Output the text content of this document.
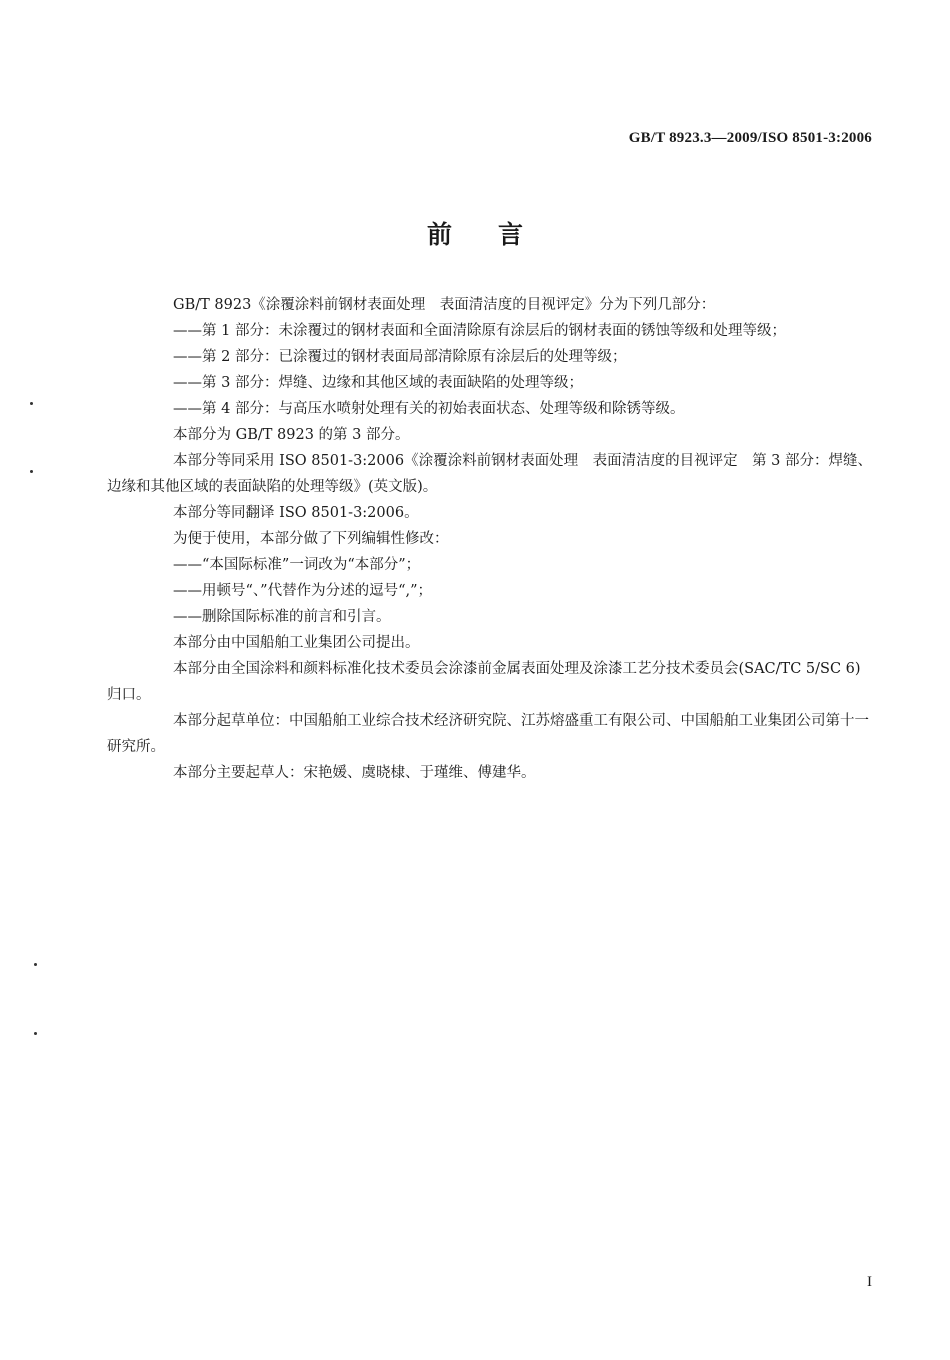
GB/T 8923.3—2009/ISO 8501-3:2006
前 言

GB/T 8923《涂覆涂料前钢材表面处理　表面清洁度的目视评定》分为下列几部分：

——第 1 部分：未涂覆过的钢材表面和全面清除原有涂层后的钢材表面的锈蚀等级和处理等级；

——第 2 部分：已涂覆过的钢材表面局部清除原有涂层后的处理等级；

——第 3 部分：焊缝、边缘和其他区域的表面缺陷的处理等级；

——第 4 部分：与高压水喷射处理有关的初始表面状态、处理等级和除锈等级。

本部分为 GB/T 8923 的第 3 部分。

本部分等同采用 ISO 8501-3:2006《涂覆涂料前钢材表面处理　表面清洁度的目视评定　第 3 部分：焊缝、边缘和其他区域的表面缺陷的处理等级》(英文版)。

本部分等同翻译 ISO 8501-3:2006。

为便于使用，本部分做了下列编辑性修改：

——“本国际标准”一词改为“本部分”；

——用顿号“、”代替作为分述的逗号“,”；

——删除国际标准的前言和引言。

本部分由中国船舶工业集团公司提出。

本部分由全国涂料和颜料标准化技术委员会涂漆前金属表面处理及涂漆工艺分技术委员会(SAC/TC 5/SC 6)归口。

本部分起草单位：中国船舶工业综合技术经济研究院、江苏熔盛重工有限公司、中国船舶工业集团公司第十一研究所。

本部分主要起草人：宋艳媛、虞晓棣、于瑾维、傅建华。

I
